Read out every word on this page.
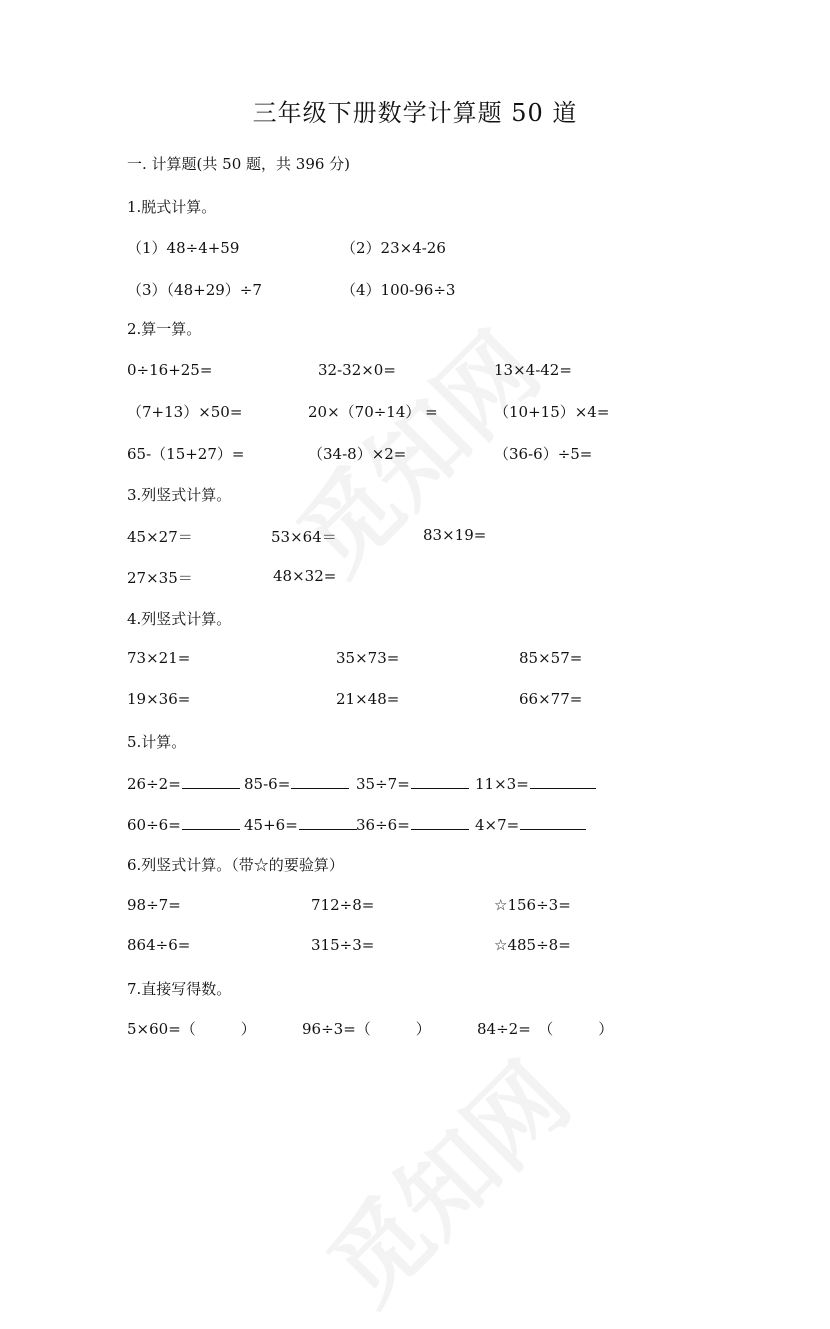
三年级下册数学计算题 50 道
一. 计算题(共 50 题，共 396 分)
1.脱式计算。
（1）48÷4+59	（2）23×4-26
（3）（48+29）÷7	（4）100-96÷3
2.算一算。
0÷16+25=	32-32×0=	13×4-42=
（7+13）×50=	20×（70÷14） =	（10+15）×4=
65-（15+27）=	（34-8）×2=	（36-6）÷5=
3.列竖式计算。
45×27＝	53×64＝	83×19=
27×35＝	48×32=
4.列竖式计算。
73×21=	35×73=	85×57=
19×36=	21×48=	66×77=
5.计算。
26÷2=	85-6=	35÷7=	11×3=
60÷6=	45+6=	36÷6=	4×7=
6.列竖式计算。（带☆的要验算）
98÷7=	712÷8=	☆156÷3=
864÷6=	315÷3=	☆485÷8=
7.直接写得数。
5×60=（　　　）	96÷3=（　　　）	84÷2=　（　　　）
